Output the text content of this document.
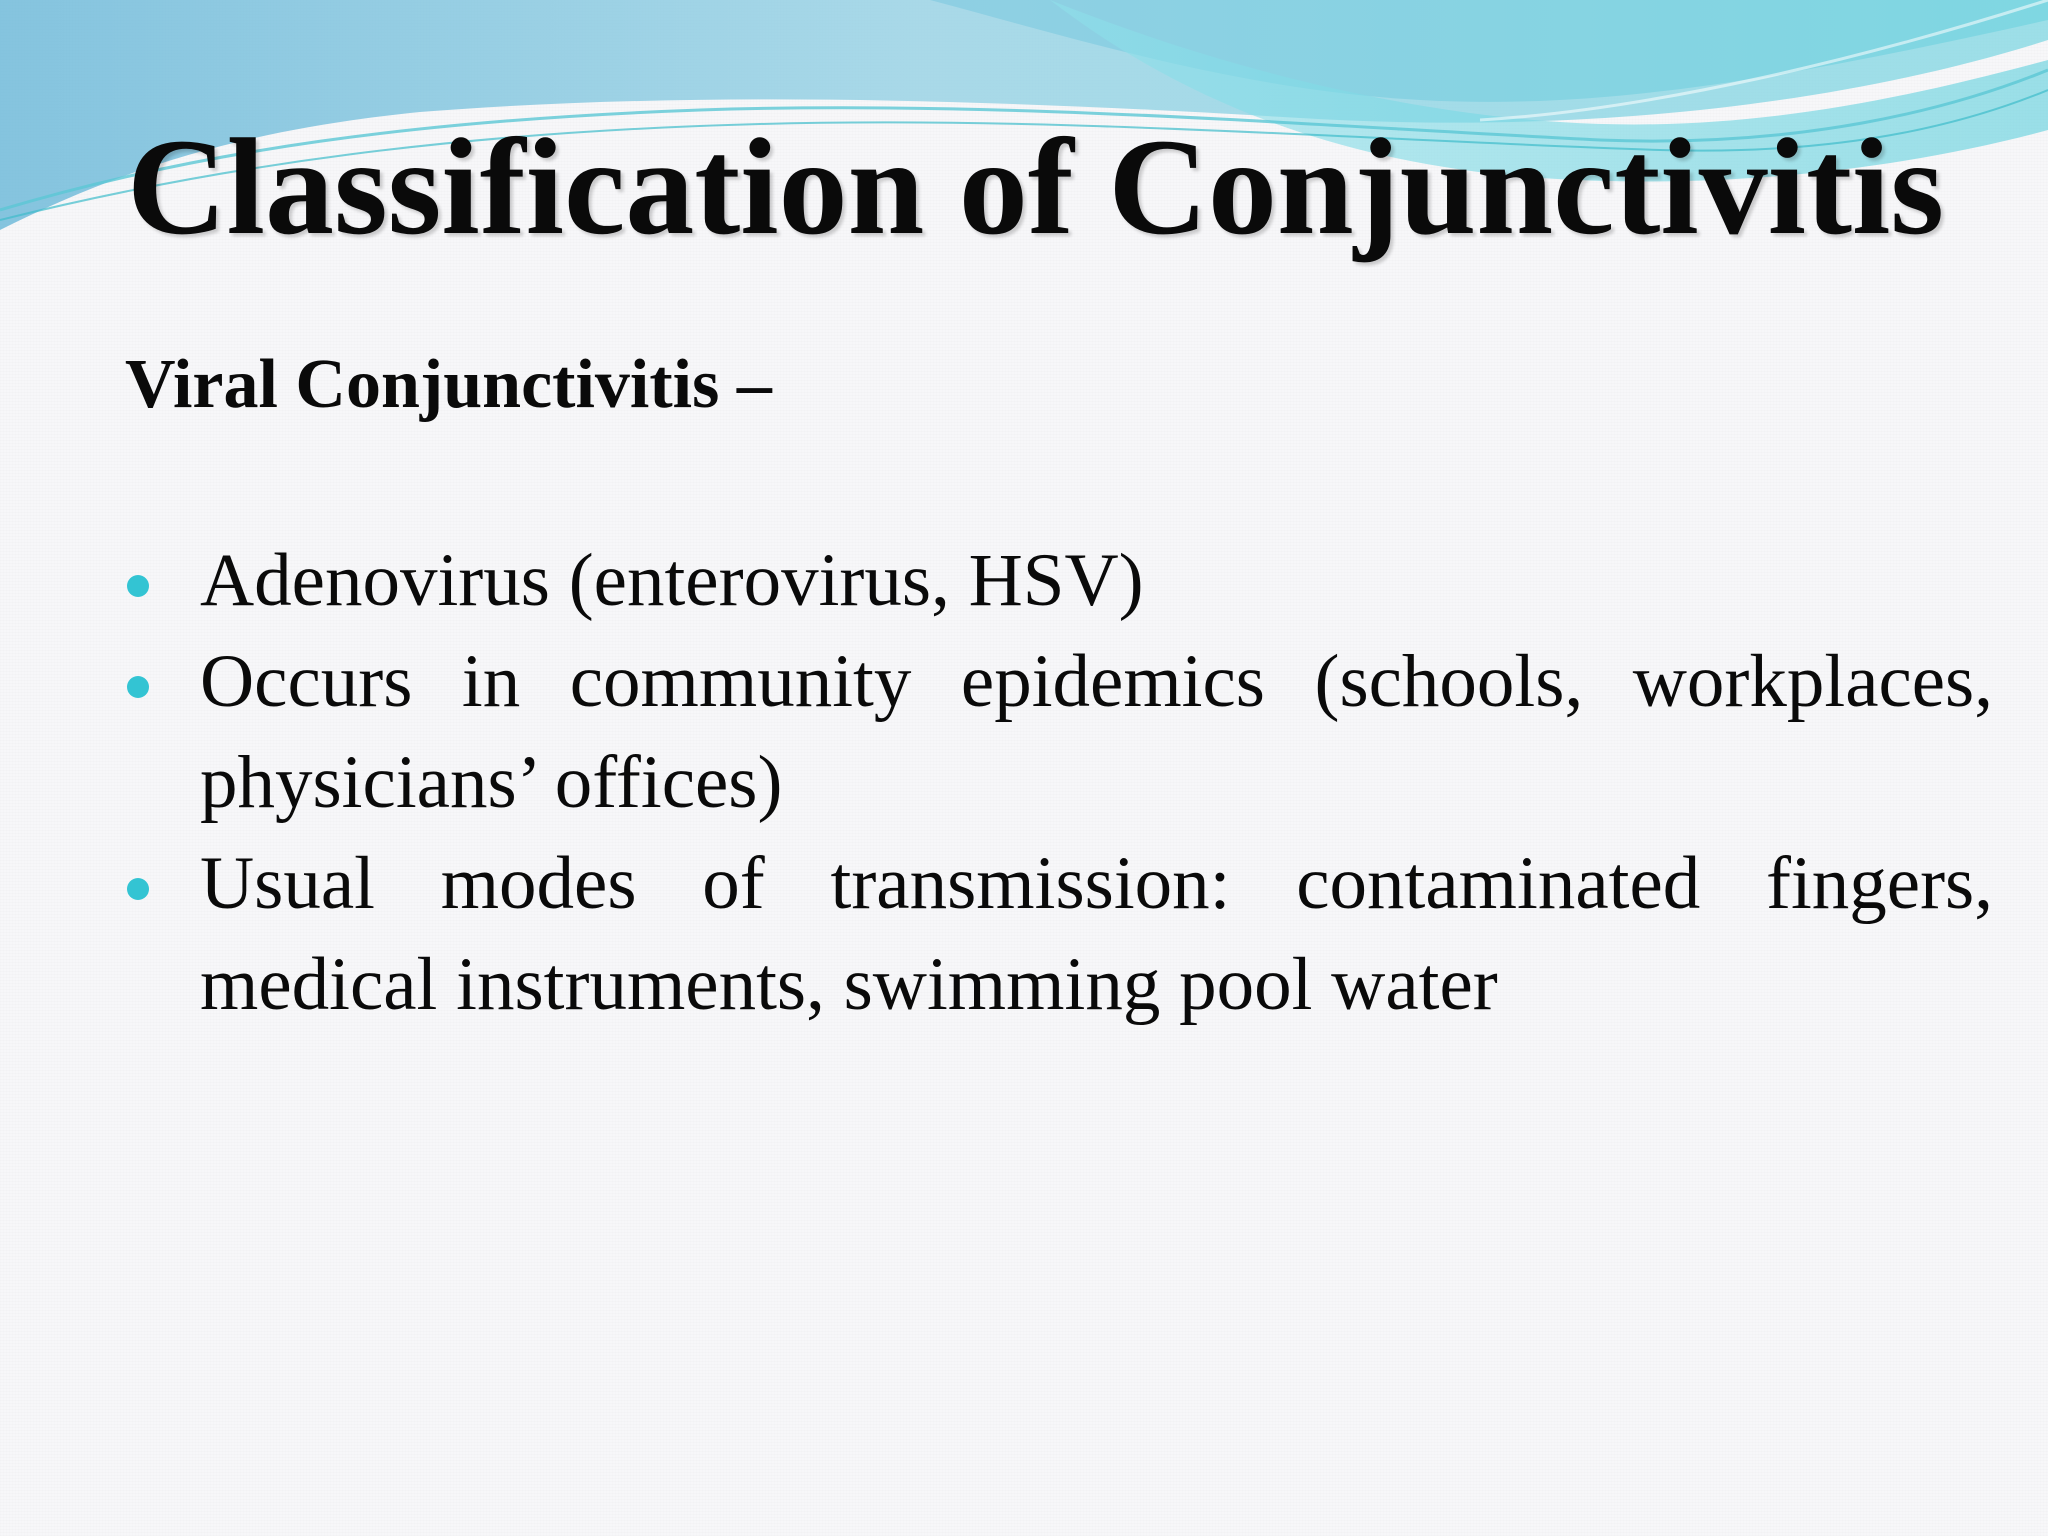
Classification of Conjunctivitis

Viral Conjunctivitis –

Adenovirus (enterovirus, HSV)
Occurs in community epidemics (schools, workplaces, physicians’ offices)
Usual modes of transmission: contaminated fingers, medical instruments, swimming pool water
